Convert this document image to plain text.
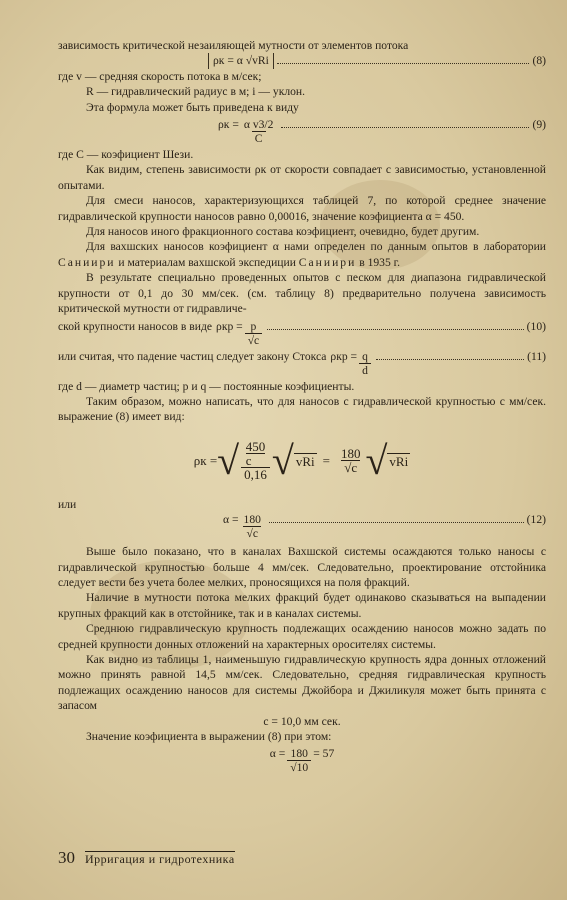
зависимость критической незаиляющей мутности от элементов потока

ρк = α √vRi	(8)

где v — средняя скорость потока в м/сек;

R — гидравлический радиус в м; i — уклон.

Эта формула может быть приведена к виду

$\rho к = \frac{\text{α v3/2}}{C}$	(9)

где C — коэфициент Шези.

Как видим, степень зависимости ρк от скорости совпадает с зависимостью, установленной опытами.

Для смеси наносов, характеризующихся таблицей 7, по которой среднее значение гидравлической крупности наносов равно 0,00016, значение коэфициента α = 450.

Для наносов иного фракционного состава коэфициент, очевидно, будет другим.

Для вахшских наносов коэфициент α нами определен по данным опытов в лаборатории Саниири и материалам вахшской экспедиции Саниири в 1935 г.

В результате специально проведенных опытов с песком для диапазона гидравлической крупности от 0,1 до 30 мм/сек. (см. таблицу 8) предварительно получена зависимость критической мутности от гидравличе-

ской крупности наносов в виде $\rho кр = \frac{p}{√c}$	(10)
или считая, что падение частиц следует закону Стокса $\rho кр = \frac{q}{d}$	(11)

где d — диаметр частиц; p и q — постоянные коэфициенты.

Таким образом, можно написать, что для наносов с гидравлической крупностью c мм/сек. выражение (8) имеет вид:

ρк = √ 450
c
0,16 √ vRi = $\frac{180}{√c}$ √ vRi

или

$\alpha = \frac{180}{√c}$	(12)

Выше было показано, что в каналах Вахшской системы осаждаются только наносы с гидравлической крупностью больше 4 мм/сек. Следовательно, проектирование отстойника следует вести без учета более мелких, проносящихся на поля фракций.

Наличие в мутности потока мелких фракций будет одинаково сказываться на выпадении крупных фракций как в отстойнике, так и в каналах системы.

Среднюю гидравлическую крупность подлежащих осаждению наносов можно задать по средней крупности донных отложений на характерных оросителях системы.

Как видно из таблицы 1, наименьшую гидравлическую крупность ядра донных отложений можно принять равной 14,5 мм/сек. Следовательно, средняя гидравлическая крупность подлежащих осаждению наносов для системы Джойбора и Джиликуля может быть принята с запасом

c = 10,0 мм сек.

Значение коэфициента в выражении (8) при этом:

$\alpha = \frac{180}{√10} = 57$
30 Ирригация и гидротехника
